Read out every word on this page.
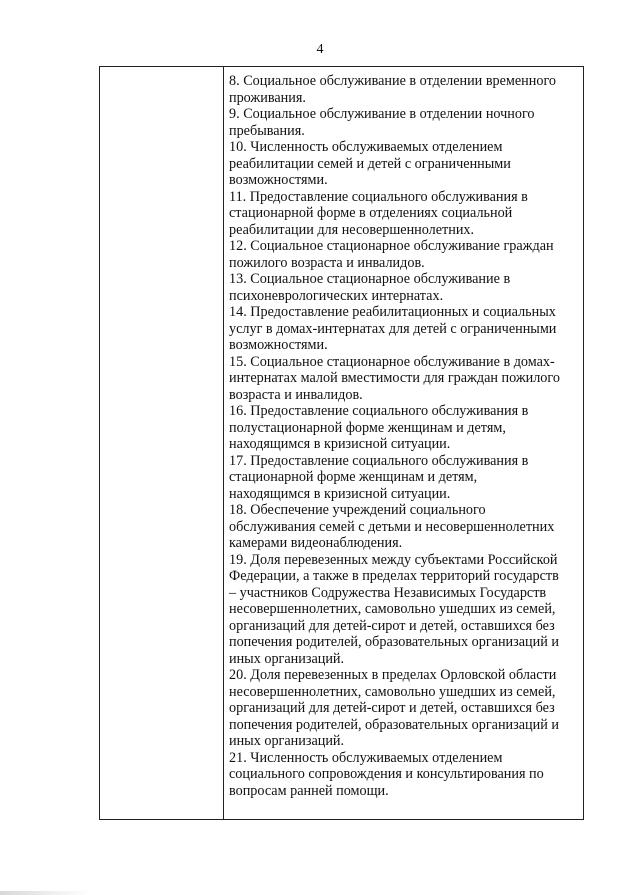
4
8. Социальное обслуживание в отделении временного
проживания.
9. Социальное обслуживание в отделении ночного
пребывания.
10. Численность обслуживаемых отделением
реабилитации семей и детей с ограниченными
возможностями.
11. Предоставление социального обслуживания в
стационарной форме в отделениях социальной
реабилитации для несовершеннолетних.
12. Социальное стационарное обслуживание граждан
пожилого возраста и инвалидов.
13. Социальное стационарное обслуживание в
психоневрологических интернатах.
14. Предоставление реабилитационных и социальных
услуг в домах-интернатах для детей с ограниченными
возможностями.
15. Социальное стационарное обслуживание в домах-
интернатах малой вместимости для граждан пожилого
возраста и инвалидов.
16. Предоставление социального обслуживания в
полустационарной форме женщинам и детям,
находящимся в кризисной ситуации.
17. Предоставление социального обслуживания в
стационарной форме женщинам и детям,
находящимся в кризисной ситуации.
18. Обеспечение учреждений социального
обслуживания семей с детьми и несовершеннолетних
камерами видеонаблюдения.
19. Доля перевезенных между субъектами Российской
Федерации, а также в пределах территорий государств
– участников Содружества Независимых Государств
несовершеннолетних, самовольно ушедших из семей,
организаций для детей-сирот и детей, оставшихся без
попечения родителей, образовательных организаций и
иных организаций.
20. Доля перевезенных в пределах Орловской области
несовершеннолетних, самовольно ушедших из семей,
организаций для детей-сирот и детей, оставшихся без
попечения родителей, образовательных организаций и
иных организаций.
21. Численность обслуживаемых отделением
социального сопровождения и консультирования по
вопросам ранней помощи.
